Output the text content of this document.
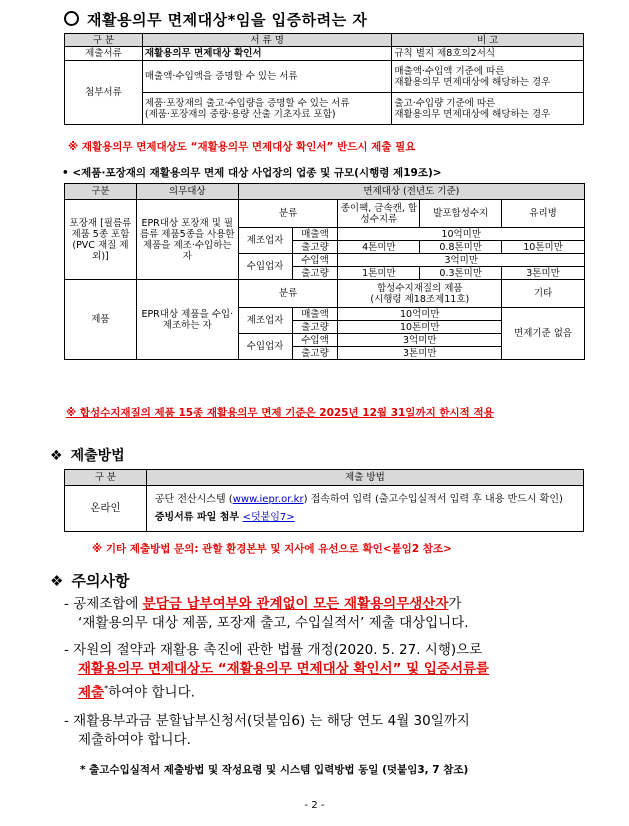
재활용의무 면제대상*임을 입증하려는 자
구 분	서 류 명	비 고
제출서류	재활용의무 면제대상 확인서	규칙 별지 제8호의2서식
첨부서류	매출액·수입액을 증명할 수 있는 서류	매출액·수입액 기준에 따른
재활용의무 면제대상에 해당하는 경우
	제품·포장재의 출고·수입량을 증명할 수 있는 서류
(제품·포장재의 중량·용량 산출 기초자료 포함)	출고·수입량 기준에 따른
재활용의무 면제대상에 해당하는 경우
※ 재활용의무 면제대상도 “재활용의무 면제대상 확인서” 반드시 제출 필요
• <제품·포장재의 재활용의무 면제 대상 사업장의 업종 및 규모(시행령 제19조)>
구분	의무대상	면제대상 (전년도 기준)				
포장재 [필름류 제품 5종 포함(PVC 재질 제외)]	EPR대상 포장재 및 필름류 제품5종을 사용한 제품을 제조·수입하는 자	분류		종이팩, 금속캔, 합성수지류	발포합성수지	유리병
		제조업자	매출액	10억미만		
			출고량	4톤미만	0.8톤미만	10톤미만
		수입업자	수입액	3억미만		
			출고량	1톤미만	0.3톤미만	3톤미만
제품	EPR대상 제품을 수입·제조하는 자	분류		합성수지재질의 제품
(시행령 제18조제11호)		기타
		제조업자	매출액	10억미만		면제기준 없음
			출고량	10톤미만		
		수입업자	수입액	3억미만		
			출고량	3톤미만		
※ 합성수지재질의 제품 15종 재활용의무 면제 기준은 2025년 12월 31일까지 한시적 적용
❖ 제출방법
구 분	제출 방법
온라인	공단 전산시스템 (www.iepr.or.kr) 접속하여 입력 (출고수입실적서 입력 후 내용 반드시 확인)
증빙서류 파일 첨부 <덧붙임7>
※ 기타 제출방법 문의: 관할 환경본부 및 지사에 유선으로 확인<붙임2 참조>
❖ 주의사항
- 공제조합에 분담금 납부여부와 관계없이 모든 재활용의무생산자가
‘재활용의무 대상 제품, 포장재 출고, 수입실적서’ 제출 대상입니다.
- 자원의 절약과 재활용 촉진에 관한 법률 개정(2020. 5. 27. 시행)으로
재활용의무 면제대상도 “재활용의무 면제대상 확인서” 및 입증서류를
제출*하여야 합니다.
- 재활용부과금 분할납부신청서(덧붙임6) 는 해당 연도 4월 30일까지
제출하여야 합니다.
* 출고수입실적서 제출방법 및 작성요령 및 시스템 입력방법 동일 (덧붙임3, 7 참조)
- 2 -
